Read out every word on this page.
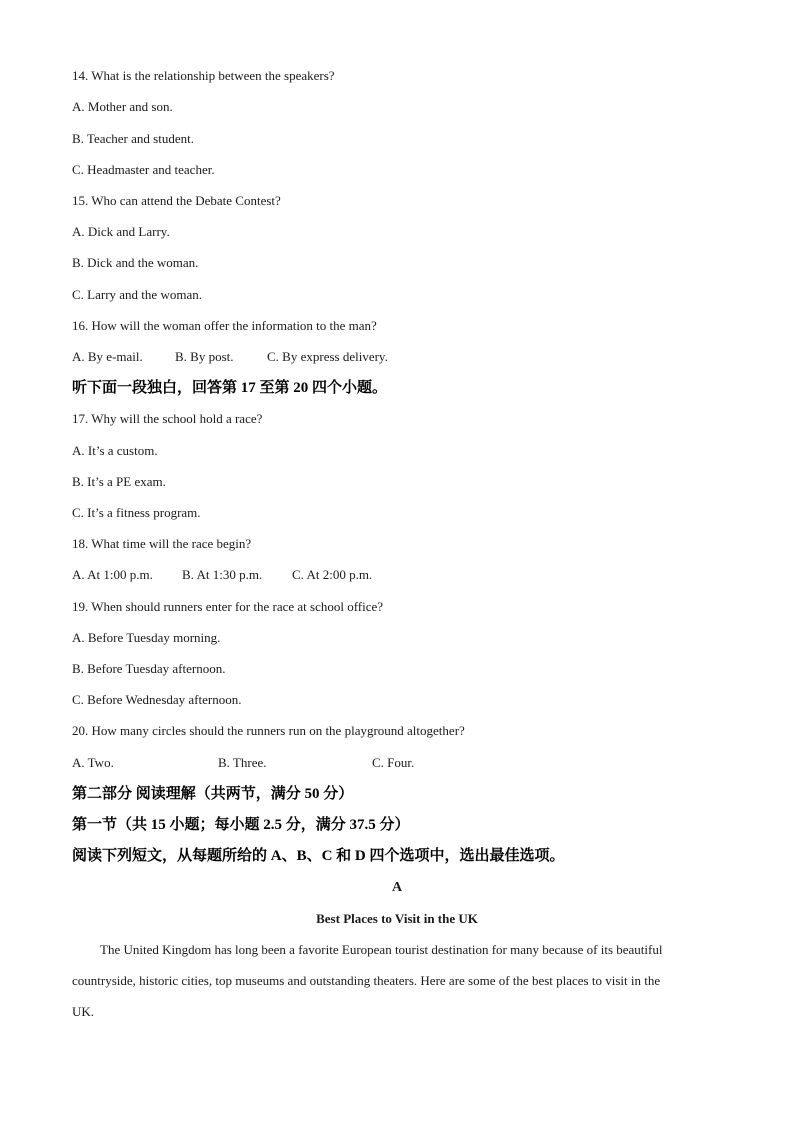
14. What is the relationship between the speakers?
A. Mother and son.
B. Teacher and student.
C. Headmaster and teacher.
15. Who can attend the Debate Contest?
A. Dick and Larry.
B. Dick and the woman.
C. Larry and the woman.
16. How will the woman offer the information to the man?
A. By e-mail. B. By post.	C. By express delivery.
听下面一段独白，回答第 17 至第 20 四个小题。
17. Why will the school hold a race?
A. It’s a custom.
B. It’s a PE exam.
C. It’s a fitness program.
18. What time will the race begin?
A. At 1:00 p.m. B. At 1:30 p.m. C. At 2:00 p.m.
19. When should runners enter for the race at school office?
A. Before Tuesday morning.
B. Before Tuesday afternoon.
C. Before Wednesday afternoon.
20. How many circles should the runners run on the playground altogether?
A. Two.	B. Three.	C. Four.
第二部分 阅读理解（共两节，满分 50 分）
第一节（共 15 小题；每小题 2.5 分，满分 37.5 分）
阅读下列短文，从每题所给的 A、B、C 和 D 四个选项中，选出最佳选项。
A
Best Places to Visit in the UK
The United Kingdom has long been a favorite European tourist destination for many because of its beautiful
countryside, historic cities, top museums and outstanding theaters. Here are some of the best places to visit in the
UK.
